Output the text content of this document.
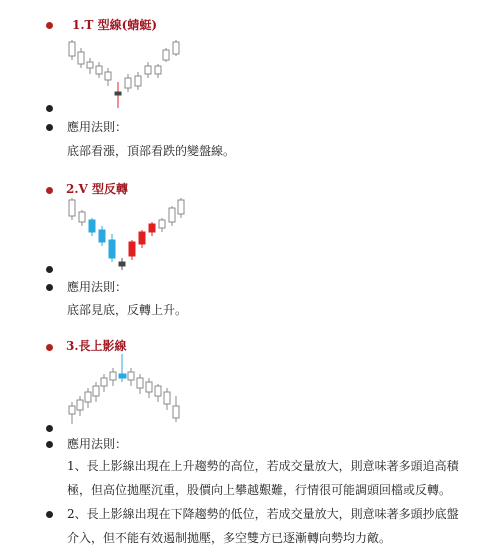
1.T 型線(蜻蜓)
應用法則：
底部看漲，頂部看跌的變盤線。
2.V 型反轉
應用法則：
底部見底，反轉上升。
3.長上影線
應用法則：
1、長上影線出現在上升趨勢的高位，若成交量放大，則意味著多頭追高積極，但高位拋壓沉重，股價向上攀越艱難，行情很可能調頭回檔或反轉。
2、長上影線出現在下降趨勢的低位，若成交量放大，則意味著多頭抄底盤介入，但不能有效遏制拋壓，多空雙方已逐漸轉向勢均力敵。
